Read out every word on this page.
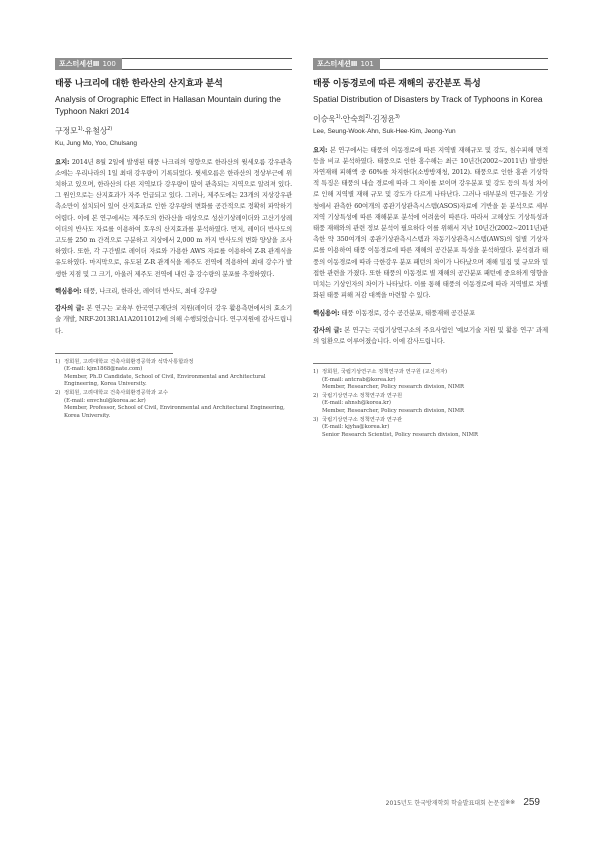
포스터세션Ⅲ 100
태풍 나크리에 대한 한라산의 산지효과 분석
Analysis of Orographic Effect in Hallasan Mountain during the Typhoon Nakri 2014
구정모$^{1)}$·유철상$^{2)}$
Ku, Jung Mo, Yoo, Chulsang
요지: 2014년 8월 2일에 발생된 태풍 나크리의 영향으로 한라산의 윗세오름 강우관측소에는 우리나라의 1일 최대 강우량이 기록되었다. 윗세오름은 한라산의 정상부근에 위치하고 있으며, 한라산의 다른 지역보다 강우량이 많이 관측되는 지역으로 알려져 있다. 그 원인으로는 산지효과가 자주 언급되고 있다. 그러나, 제주도에는 23개의 지상강우관측소만이 설치되어 있어 산지효과로 인한 강우량의 변화를 공간적으로 정확히 파악하기 어렵다. 이에 본 연구에서는 제주도의 한라산을 대상으로 성산기상레이더와 고산기상레이더의 반사도 자료를 이용하여 호우의 산지효과를 분석하였다. 먼저, 레이더 반사도의 고도를 250 m 간격으로 구분하고 지상에서 2,000 m 까지 반사도의 변화 양상을 조사하였다. 또한, 각 구간별로 레이더 자료와 가용한 AWS 자료를 이용하여 Z-R 관계식을 유도하였다. 마지막으로, 유도된 Z-R 관계식을 제주도 전역에 적용하여 최대 강수가 발생한 지점 및 그 크기, 아울러 제주도 전역에 내린 총 강수량의 분포를 추정하였다.
핵심용어: 태풍, 나크리, 한라산, 레이더 반사도, 최대 강우량
감사의 글: 본 연구는 교육부 한국연구재단의 지원(레이더 강우 활용측면에서의 효소기술 개발, NRF-2013R1A1A2011012)에 의해 수행되었습니다. 연구지원에 감사드립니다.
1) 정회원, 고려대학교 건축사회환경공학과 석박사통합과정
(E-mail: kjm1868@nate.com)
Member, Ph.D Candidate, School of Civil, Environmental and Architectural Engineering, Korea University.
2) 정회원, 고려대학교 건축사회환경공학과 교수
(E-mail: envchul@korea.ac.kr)
Member, Professor, School of Civil, Environmental and Architectural Engineering, Korea University.
포스터세션Ⅲ 101
태풍 이동경로에 따른 재해의 공간분포 특성
Spatial Distribution of Disasters by Track of Typhoons in Korea
이승욱$^{1)}$·안숙희$^{2)}$·김정윤$^{3)}$
Lee, Seung-Wook·Ahn, Suk-Hee·Kim, Jeong-Yun
요지: 본 연구에서는 태풍의 이동경로에 따른 지역별 재해규모 및 강도, 침수피해 면적 등을 비교 분석하였다. 태풍으로 인한 홍수해는 최근 10년간(2002∼2011년) 발생한 자연재해 피해액 중 60%를 차지한다(소방방재청, 2012). 태풍으로 인한 홍관 기상학적 특징은 태풍의 내습 경로에 따라 그 차이를 보이며 강우분포 및 강도 등의 특성 차이로 인해 지역별 재해 규모 및 강도가 다르게 나타난다. 그러나 대부분의 연구들은 기상청에서 관측한 60여개의 종관기상관측시스템(ASOS)자료에 기반을 둔 분석으로 세부지역 기상특성에 따른 재해분포 분석에 어려움이 따른다. 따라서 고해상도 기상특성과 태풍 재해와의 관련 정보 분석이 필요하다 이를 위해서 지난 10년간(2002∼2011년)관측한 약 350여개의 종관기상관측시스템과 자동기상관측시스템(AWS)의 일별 기상자료를 이용하여 태풍 이동경로에 따른 재해의 공간분포 특성을 분석하였다. 분석결과 태풍의 이동경로에 따라 극한강우 분포 패턴의 차이가 나타났으며 재해 밀집 및 규모와 밀접한 관련을 가졌다. 또한 태풍의 이동경로 별 재해의 공간분포 패턴에 중요하게 영향을 미치는 기상인자의 차이가 나타났다. 이를 통해 태풍의 이동경로에 따라 지역별로 차별화된 태풍 피해 저감 대책을 마련할 수 있다.
핵심용어: 태풍 이동경로, 강수 공간분포, 태풍재해 공간분포
감사의 글: 본 연구는 국립기상연구소의 주요사업인 '예보기술 지원 및 활용 연구' 과제의 일환으로 이루어졌습니다. 이에 감사드립니다.
1) 정회원, 국립기상연구소 정책연구과 연구원 (교신저자)
(E-mail: antcrab@korea.kr)
Member, Researcher, Policy research division, NIMR
2) 국립기상연구소 정책연구과 연구원
(E-mail: ahnsh@korea.kr)
Member, Researcher, Policy research division, NIMR
3) 국립기상연구소 정책연구과 연구관
(E-mail: kjyha@korea.kr)
Senior Research Scientist, Policy research division, NIMR
2015년도 한국방재학회 학술발표대회 논문집※※ 259
